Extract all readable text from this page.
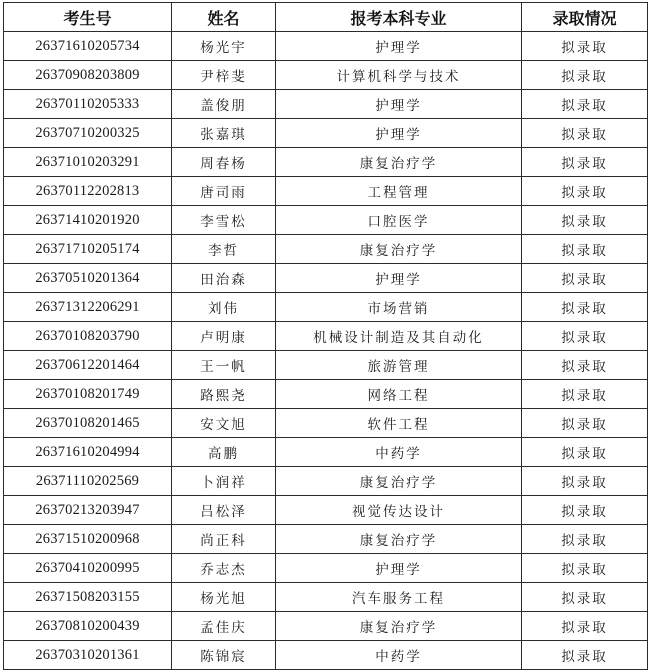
考生号	姓名	报考本科专业	录取情况
26371610205734	杨光宇	护理学	拟录取
26370908203809	尹梓斐	计算机科学与技术	拟录取
26370110205333	盖俊朋	护理学	拟录取
26370710200325	张嘉琪	护理学	拟录取
26371010203291	周春杨	康复治疗学	拟录取
26370112202813	唐司雨	工程管理	拟录取
26371410201920	李雪松	口腔医学	拟录取
26371710205174	李哲	康复治疗学	拟录取
26370510201364	田治森	护理学	拟录取
26371312206291	刘伟	市场营销	拟录取
26370108203790	卢明康	机械设计制造及其自动化	拟录取
26370612201464	王一帆	旅游管理	拟录取
26370108201749	路熙尧	网络工程	拟录取
26370108201465	安文旭	软件工程	拟录取
26371610204994	高鹏	中药学	拟录取
26371110202569	卜润祥	康复治疗学	拟录取
26370213203947	吕松泽	视觉传达设计	拟录取
26371510200968	尚正科	康复治疗学	拟录取
26370410200995	乔志杰	护理学	拟录取
26371508203155	杨光旭	汽车服务工程	拟录取
26370810200439	孟佳庆	康复治疗学	拟录取
26370310201361	陈锦宸	中药学	拟录取
